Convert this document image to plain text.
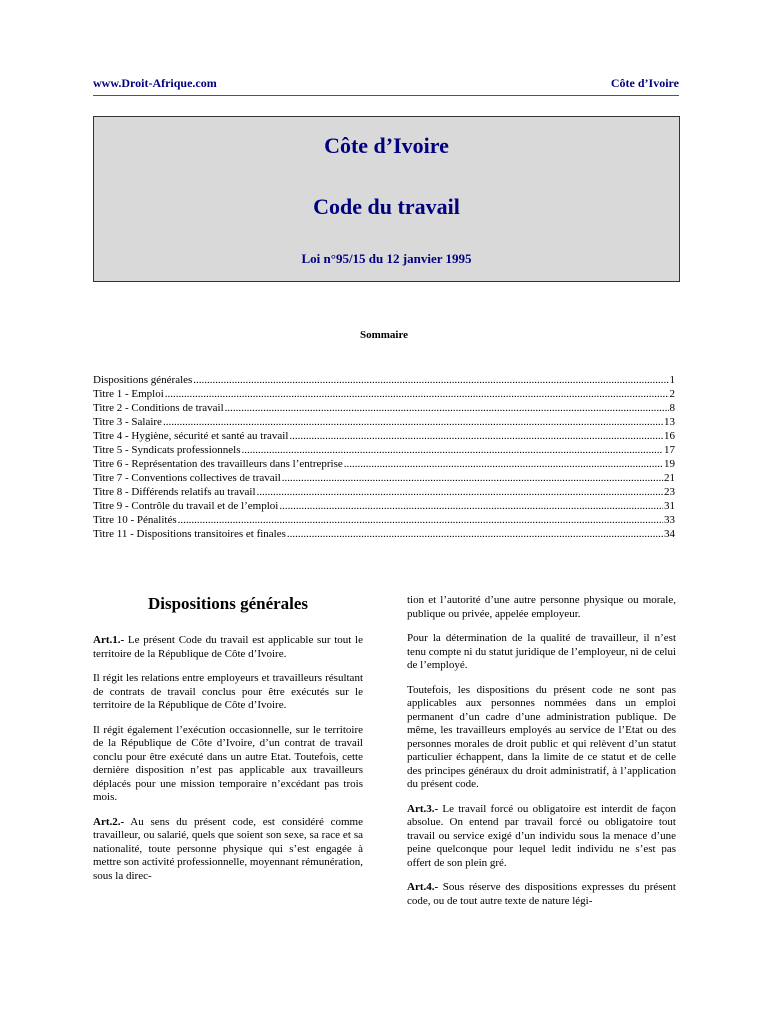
www.Droit-Afrique.com	Côte d’Ivoire
Côte d’Ivoire
Code du travail
Loi n°95/15 du 12 janvier 1995
Sommaire
Dispositions générales .....	1
Titre 1 - Emploi .....	2
Titre 2 - Conditions de travail .....	8
Titre 3 - Salaire .....	13
Titre 4 - Hygiène, sécurité et santé au travail .....	16
Titre 5 - Syndicats professionnels .....	17
Titre 6 - Représentation des travailleurs dans l’entreprise .....	19
Titre 7 - Conventions collectives de travail .....	21
Titre 8 - Différends relatifs au travail .....	23
Titre 9 - Contrôle du travail et de l’emploi .....	31
Titre 10 - Pénalités .....	33
Titre 11 - Dispositions transitoires et finales .....	34

Dispositions générales

Art.1.- Le présent Code du travail est applicable sur tout le territoire de la République de Côte d’Ivoire.

Il régit les relations entre employeurs et travailleurs résultant de contrats de travail conclus pour être exécutés sur le territoire de la République de Côte d’Ivoire.

Il régit également l’exécution occasionnelle, sur le territoire de la République de Côte d’Ivoire, d’un contrat de travail conclu pour être exécuté dans un autre Etat. Toutefois, cette dernière disposition n’est pas applicable aux travailleurs déplacés pour une mission temporaire n’excédant pas trois mois.

Art.2.- Au sens du présent code, est considéré comme travailleur, ou salarié, quels que soient son sexe, sa race et sa nationalité, toute personne physique qui s’est engagée à mettre son activité professionnelle, moyennant rémunération, sous la direc-

tion et l’autorité d’une autre personne physique ou morale, publique ou privée, appelée employeur.

Pour la détermination de la qualité de travailleur, il n’est tenu compte ni du statut juridique de l’employeur, ni de celui de l’employé.

Toutefois, les dispositions du présent code ne sont pas applicables aux personnes nommées dans un emploi permanent d’un cadre d’une administration publique. De même, les travailleurs employés au service de l’Etat ou des personnes morales de droit public et qui relèvent d’un statut particulier échappent, dans la limite de ce statut et de celle des principes généraux du droit administratif, à l’application du présent code.

Art.3.- Le travail forcé ou obligatoire est interdit de façon absolue. On entend par travail forcé ou obligatoire tout travail ou service exigé d’un individu sous la menace d’une peine quelconque pour lequel ledit individu ne s’est pas offert de son plein gré.

Art.4.- Sous réserve des dispositions expresses du présent code, ou de tout autre texte de nature légi-
